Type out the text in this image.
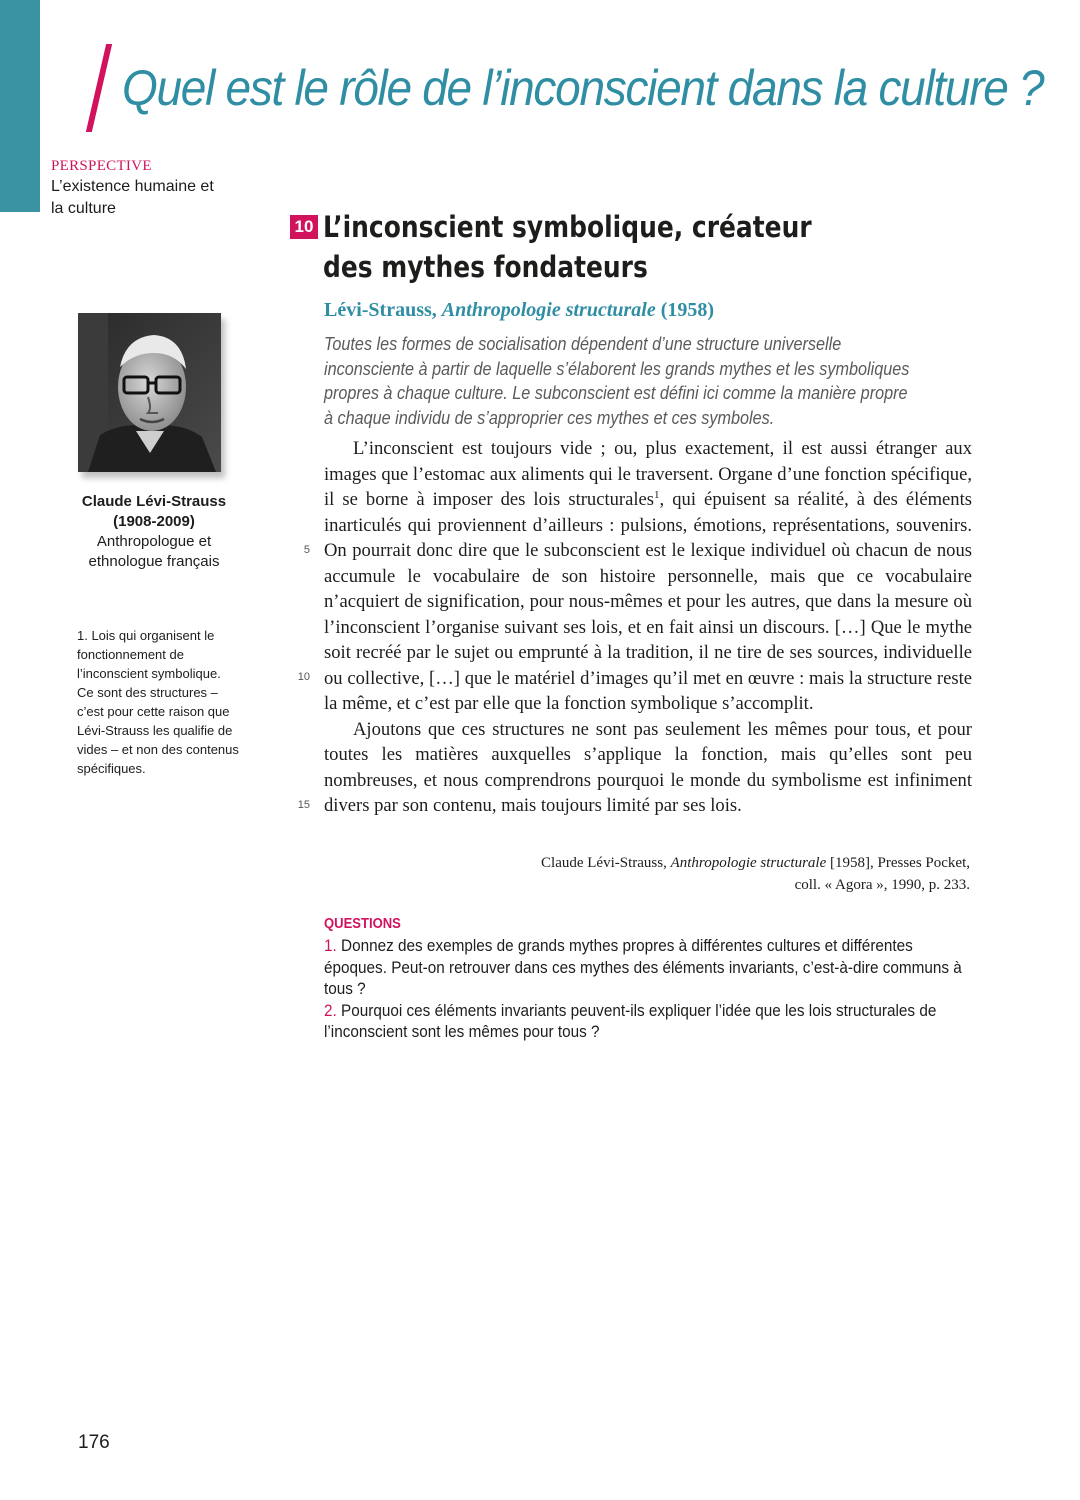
Quel est le rôle de l’inconscient dans la culture ?
PERSPECTIVE
L’existence humaine et la culture
10 L’inconscient symbolique, créateur des mythes fondateurs
Claude Lévi-Strauss
(1908-2009)
Anthropologue et ethnologue français
1. Lois qui organisent le fonctionnement de l’inconscient symbolique. Ce sont des structures – c’est pour cette raison que Lévi-Strauss les qualifie de vides – et non des contenus spécifiques.
Lévi-Strauss, Anthropologie structurale (1958)

Toutes les formes de socialisation dépendent d’une structure universelle inconsciente à partir de laquelle s’élaborent les grands mythes et les symboliques propres à chaque culture. Le subconscient est défini ici comme la manière propre à chaque individu de s’approprier ces mythes et ces symboles.

L’inconscient est toujours vide ; ou, plus exactement, il est aussi étranger aux images que l’estomac aux aliments qui le traversent. Organe d’une fonction spécifique, il se borne à imposer des lois structurales$^1$, qui épuisent sa réalité, à des éléments inarticulés qui proviennent d’ailleurs : pulsions, émotions, représentations, souvenirs. On pourrait donc dire que le subconscient est le lexique individuel où chacun de nous accumule le vocabulaire de son histoire personnelle, mais que ce vocabulaire n’acquiert de signification, pour nous-mêmes et pour les autres, que dans la mesure où l’inconscient l’organise suivant ses lois, et en fait ainsi un discours. […] Que le mythe soit recréé par le sujet ou emprunté à la tradition, il ne tire de ses sources, individuelle ou collective, […] que le matériel d’images qu’il met en œuvre : mais la structure reste la même, et c’est par elle que la fonction symbolique s’accomplit.

Ajoutons que ces structures ne sont pas seulement les mêmes pour tous, et pour toutes les matières auxquelles s’applique la fonction, mais qu’elles sont peu nombreuses, et nous comprendrons pourquoi le monde du symbolisme est infiniment divers par son contenu, mais toujours limité par ses lois.

5
10
15
Claude Lévi-Strauss, Anthropologie structurale [1958], Presses Pocket,
coll. « Agora », 1990, p. 233.
QUESTIONS

1. Donnez des exemples de grands mythes propres à différentes cultures et différentes époques. Peut-on retrouver dans ces mythes des éléments invariants, c’est-à-dire communs à tous ?

2. Pourquoi ces éléments invariants peuvent-ils expliquer l’idée que les lois structurales de l’inconscient sont les mêmes pour tous ?

176
